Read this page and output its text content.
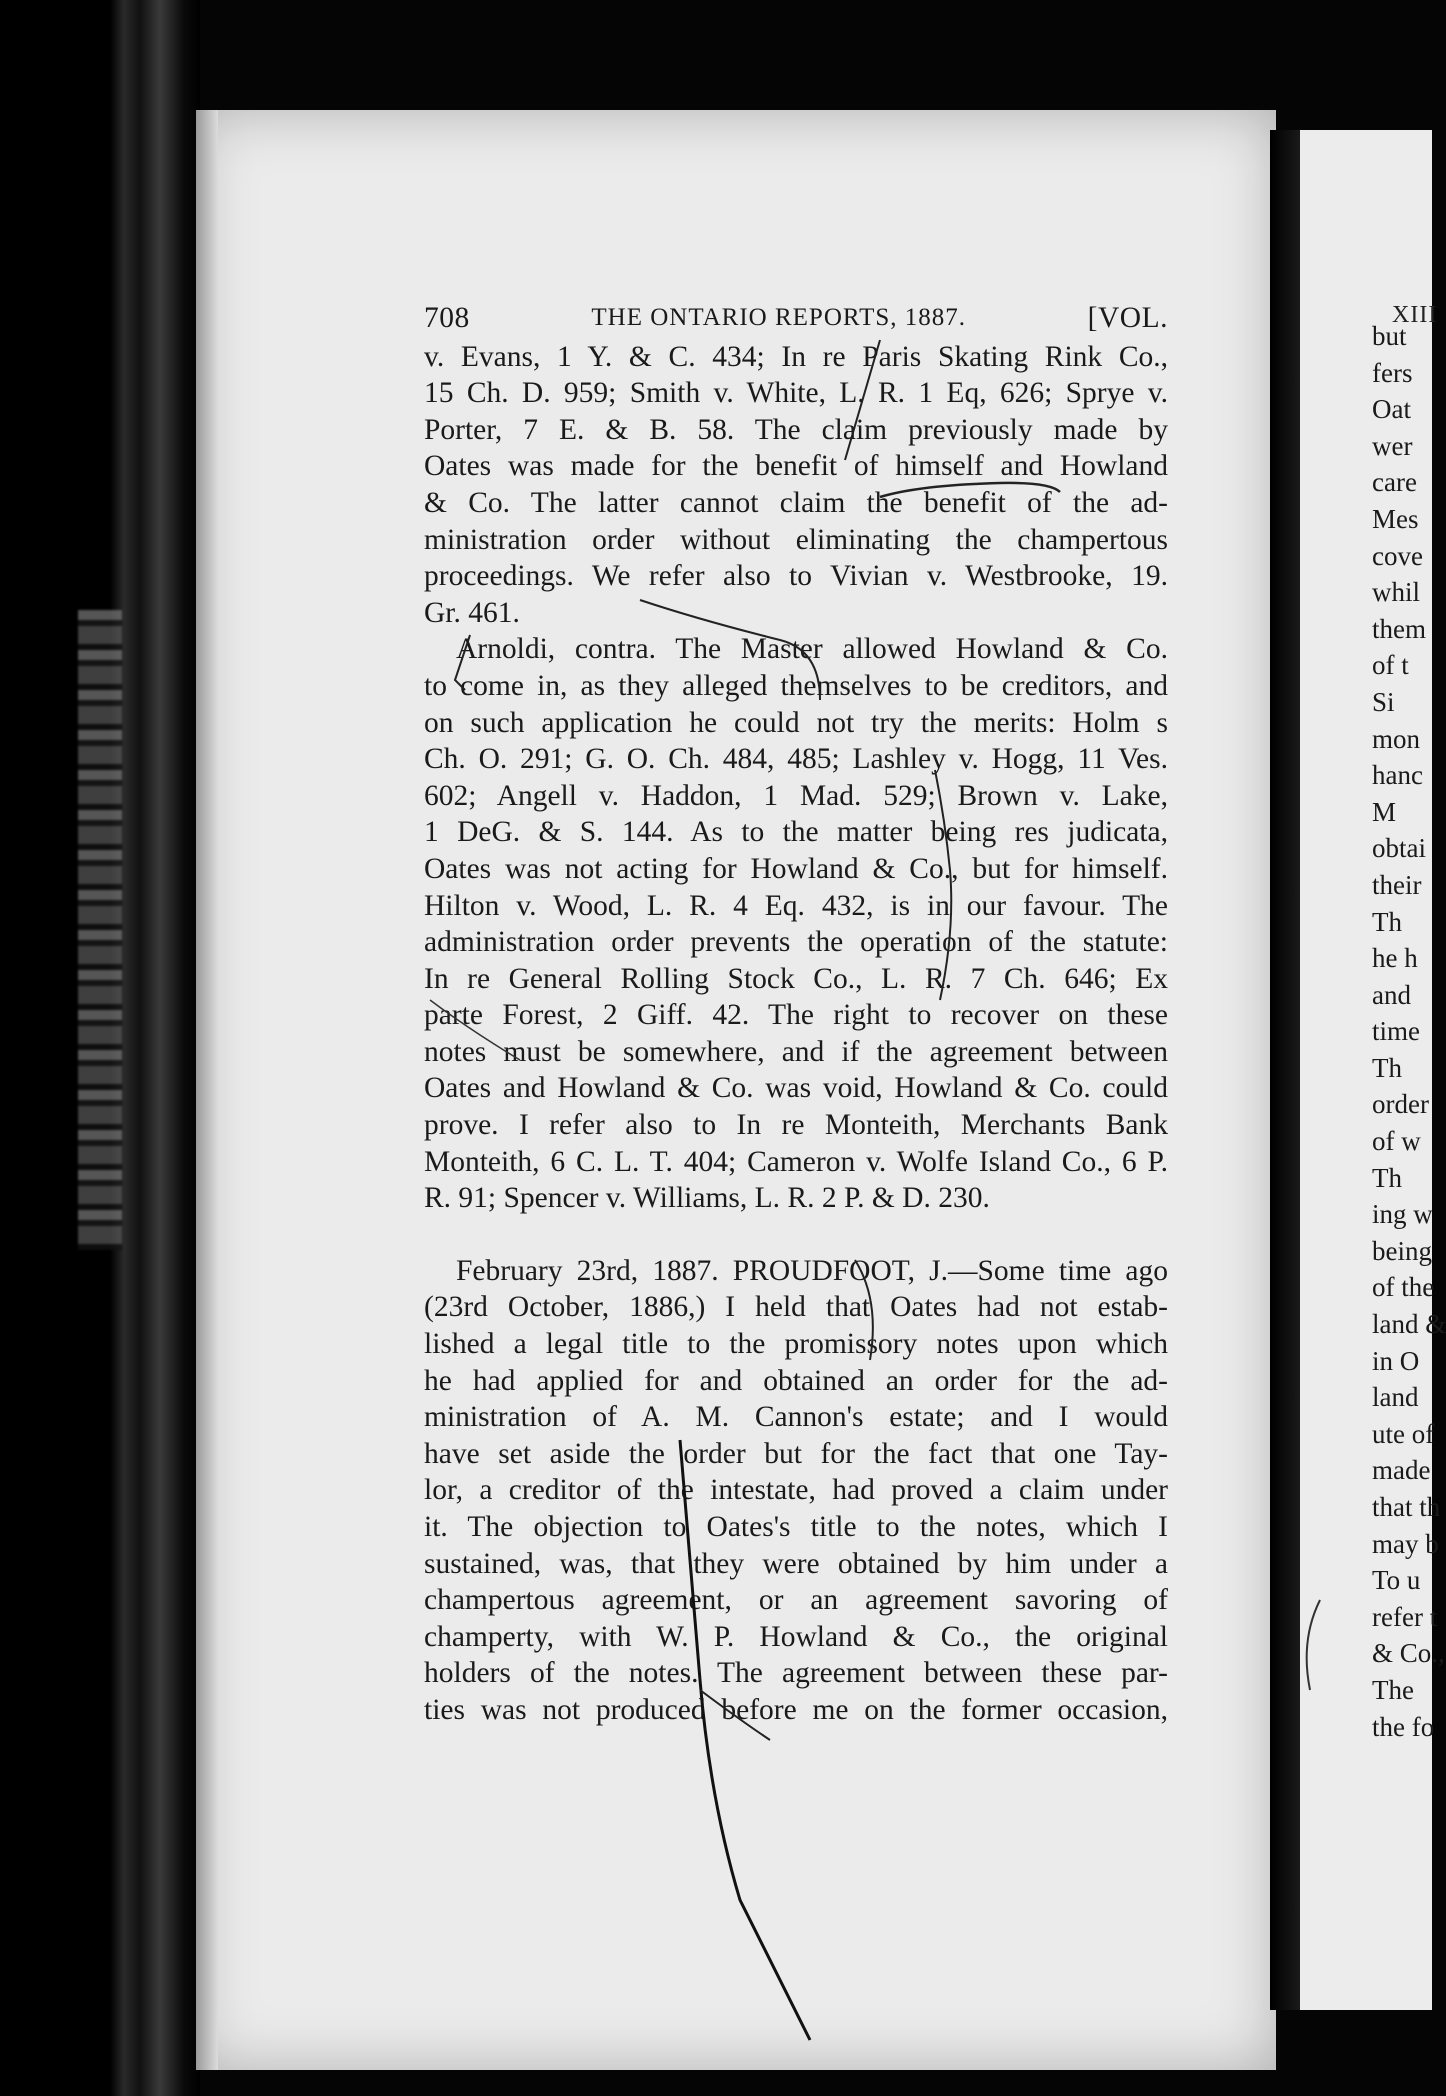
708	THE ONTARIO REPORTS, 1887.	[VOL.
v. Evans, 1 Y. & C. 434; In re Paris Skating Rink Co.,
15 Ch. D. 959; Smith v. White, L. R. 1 Eq, 626; Sprye v.
Porter, 7 E. & B. 58. The claim previously made by
Oates was made for the benefit of himself and Howland
& Co. The latter cannot claim the benefit of the ad-
ministration order without eliminating the champertous
proceedings. We refer also to Vivian v. Westbrooke, 19.
Gr. 461.
Arnoldi, contra. The Master allowed Howland & Co.
to come in, as they alleged themselves to be creditors, and
on such application he could not try the merits: Holm s
Ch. O. 291; G. O. Ch. 484, 485; Lashley v. Hogg, 11 Ves.
602; Angell v. Haddon, 1 Mad. 529; Brown v. Lake,
1 DeG. & S. 144. As to the matter being res judicata,
Oates was not acting for Howland & Co., but for himself.
Hilton v. Wood, L. R. 4 Eq. 432, is in our favour. The
administration order prevents the operation of the statute:
In re General Rolling Stock Co., L. R. 7 Ch. 646; Ex
parte Forest, 2 Giff. 42. The right to recover on these
notes must be somewhere, and if the agreement between
Oates and Howland & Co. was void, Howland & Co. could
prove. I refer also to In re Monteith, Merchants Bank
Monteith, 6 C. L. T. 404; Cameron v. Wolfe Island Co., 6 P.
R. 91; Spencer v. Williams, L. R. 2 P. & D. 230.
February 23rd, 1887. PROUDFOOT, J.—Some time ago
(23rd October, 1886,) I held that Oates had not estab-
lished a legal title to the promissory notes upon which
he had applied for and obtained an order for the ad-
ministration of A. M. Cannon's estate; and I would
have set aside the order but for the fact that one Tay-
lor, a creditor of the intestate, had proved a claim under
it. The objection to Oates's title to the notes, which I
sustained, was, that they were obtained by him under a
champertous agreement, or an agreement savoring of
champerty, with W. P. Howland & Co., the original
holders of the notes. The agreement between these par-
ties was not produced before me on the former occasion,
XIII
but
fers
Oat
wer
care
Mes
cove
whil
them
of t
Si
mon
hanc
M
obtai
their
Th
he h
and
time
Th
order
of w
Th
ing w
being
of the
land &
in O
land
ute of
made
that th
may b
To u
refer t
& Co.,
The
the fo
